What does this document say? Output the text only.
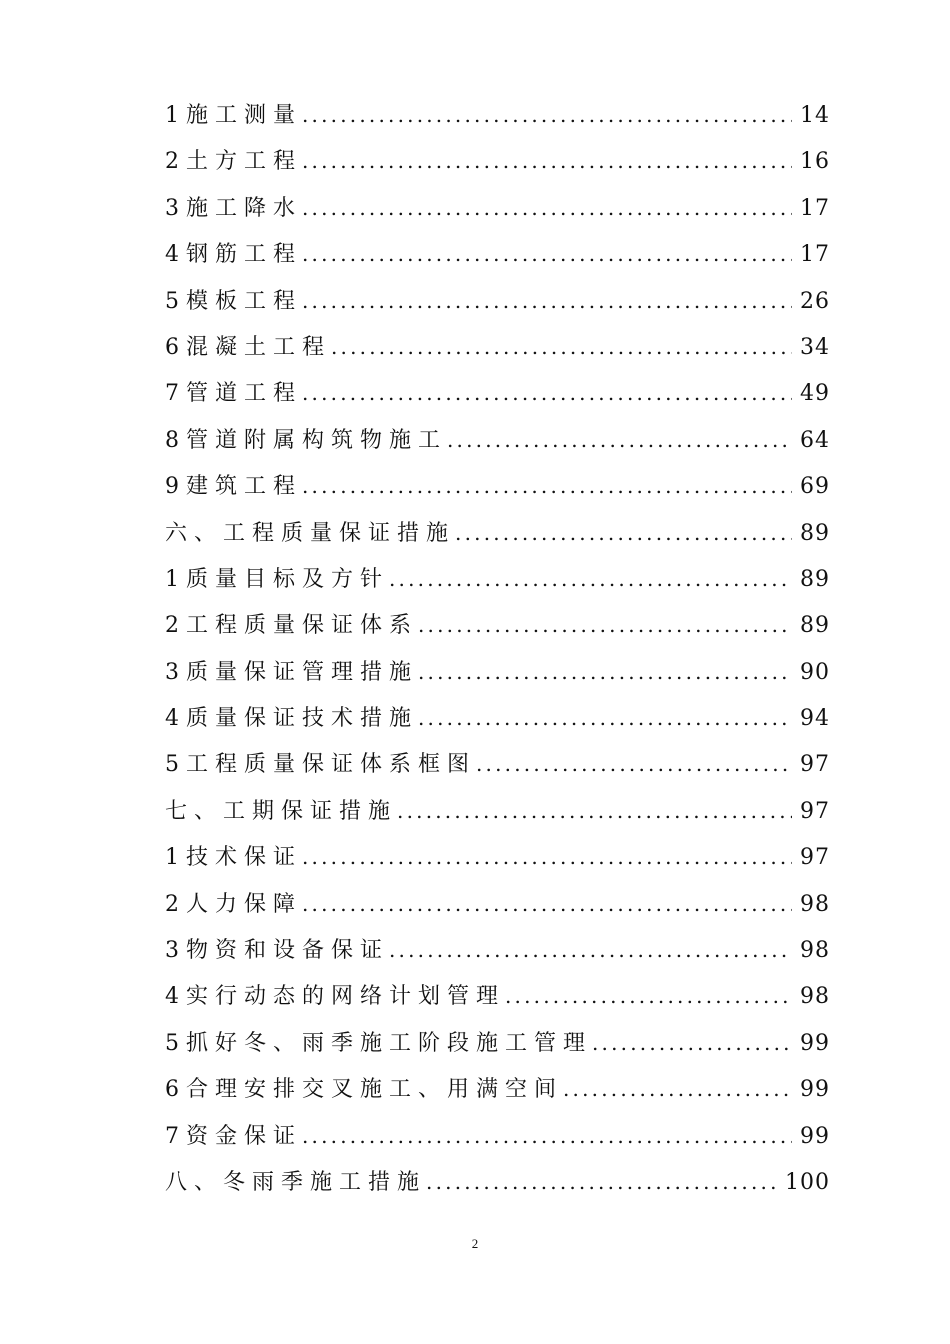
1施工测量 .....	14
2土方工程 .....	16
3施工降水 .....	17
4钢筋工程 .....	17
5模板工程 .....	26
6混凝土工程 .....	34
7管道工程 .....	49
8管道附属构筑物施工 .....	64
9建筑工程 .....	69
六、工程质量保证措施 .....	89
1质量目标及方针 .....	89
2工程质量保证体系 .....	89
3质量保证管理措施 .....	90
4质量保证技术措施 .....	94
5工程质量保证体系框图 .....	97
七、工期保证措施 .....	97
1技术保证 .....	97
2人力保障 .....	98
3物资和设备保证 .....	98
4实行动态的网络计划管理 .....	98
5抓好冬、雨季施工阶段施工管理 .....	99
6合理安排交叉施工、用满空间 .....	99
7资金保证 .....	99
八、冬雨季施工措施 .....	100
2
